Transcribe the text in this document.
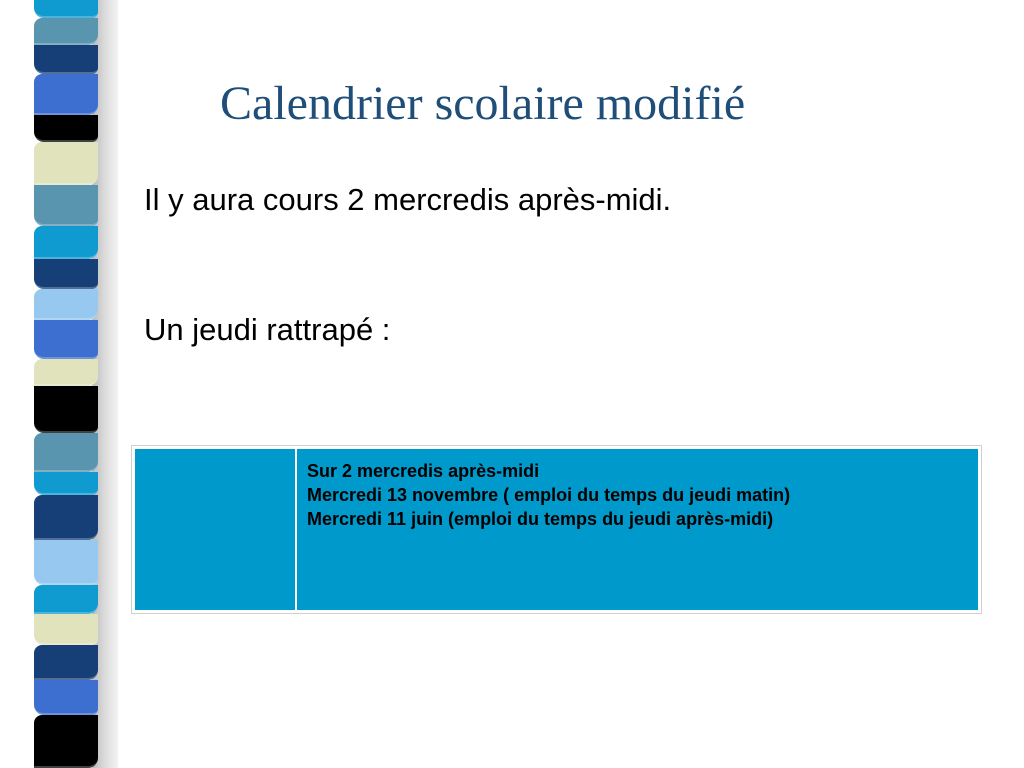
Calendrier scolaire modifié
Il y aura cours 2 mercredis après-midi.
Un jeudi rattrapé :

Sur 2 mercredis après-midi
Mercredi 13 novembre ( emploi du temps du jeudi matin)
Mercredi 11 juin (emploi du temps du jeudi après-midi)
